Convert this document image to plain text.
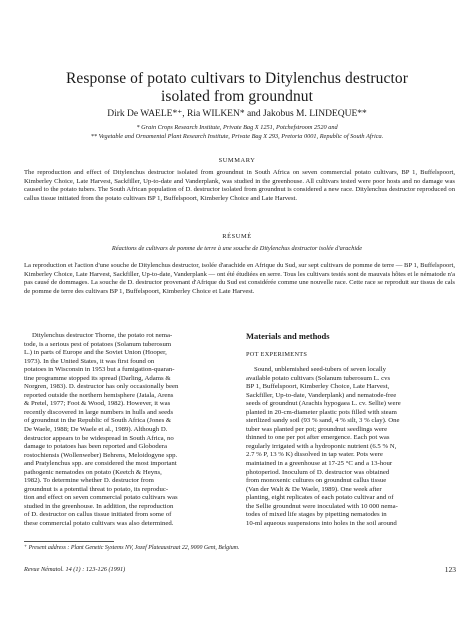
Response of potato cultivars to Ditylenchus destructor
isolated from groundnut
Dirk De WAELE*⁺, Ria WILKEN* and Jakobus M. LINDEQUE**
* Grain Crops Research Institute, Private Bag X 1251, Potchefstroom 2520 and
** Vegetable and Ornamental Plant Research Institute, Private Bag X 293, Pretoria 0001, Republic of South Africa.
SUMMARY

The reproduction and effect of Ditylenchus destructor isolated from groundnut in South Africa on seven commercial potato cultivars, BP 1, Buffelspoort, Kimberley Choice, Late Harvest, Sackfiller, Up-to-date and Vanderplank, was studied in the greenhouse. All cultivars tested were poor hosts and no damage was caused to the potato tubers. The South African population of D. destructor isolated from groundnut is considered a new race. Ditylenchus destructor reproduced on callus tissue initiated from the potato cultivars BP 1, Buffelspoort, Kimberley Choice and Late Harvest.

RÉSUMÉ
Réactions de cultivars de pomme de terre à une souche de Ditylenchus destructor isolée d'arachide

La reproduction et l'action d'une souche de Ditylenchus destructor, isolée d'arachide en Afrique du Sud, sur sept cultivars de pomme de terre — BP 1, Buffelspoort, Kimberley Choice, Late Harvest, Sackfiller, Up-to-date, Vanderplank — ont été étudiées en serre. Tous les cultivars testés sont de mauvais hôtes et le nématode n'a pas causé de dommages. La souche de D. destructor provenant d'Afrique du Sud est considérée comme une nouvelle race. Cette race se reproduit sur tissus de cals de pomme de terre des cultivars BP 1, Buffelspoort, Kimberley Choice et Late Harvest.

Ditylenchus destructor Thorne, the potato rot nema-
tode, is a serious pest of potatoes (Solanum tuberosum
L.) in parts of Europe and the Soviet Union (Hooper,
1973). In the United States, it was first found on
potatoes in Wisconsin in 1953 but a fumigation-quaran-
tine programme stopped its spread (Darling, Adams &
Norgren, 1983). D. destructor has only occasionally been
reported outside the northern hemisphere (Jatala, Arens
& Pretel, 1977; Foot & Wood, 1982). However, it was
recently discovered in large numbers in hulls and seeds
of groundnut in the Republic of South Africa (Jones &
De Waele, 1988; De Waele et al., 1989). Although D.
destructor appears to be widespread in South Africa, no
damage to potatoes has been reported and Globodera
rostochiensis (Wollenweber) Behrens, Meloidogyne spp.
and Pratylenchus spp. are considered the most important
pathogenic nematodes on potato (Keetch & Heyns,
1982). To determine whether D. destructor from
groundnut is a potential threat to potato, its reproduc-
tion and effect on seven commercial potato cultivars was
studied in the greenhouse. In addition, the reproduction
of D. destructor on callus tissue initiated from some of
these commercial potato cultivars was also determined.
Materials and methods
POT EXPERIMENTS
Sound, unblemished seed-tubers of seven locally
available potato cultivars (Solanum tuberosum L. cvs
BP 1, Buffelspoort, Kimberley Choice, Late Harvest,
Sackfiller, Up-to-date, Vanderplank) and nematode-free
seeds of groundnut (Arachis hypogaea L. cv. Sellie) were
planted in 20-cm-diameter plastic pots filled with steam
sterilized sandy soil (93 % sand, 4 % silt, 3 % clay). One
tuber was planted per pot; groundnut seedlings were
thinned to one per pot after emergence. Each pot was
regularly irrigated with a hydroponic nutrient (6.5 % N,
2.7 % P, 13 % K) dissolved in tap water. Pots were
maintained in a greenhouse at 17-25 °C and a 13-hour
photoperiod. Inoculum of D. destructor was obtained
from monoxenic cultures on groundnut callus tissue
(Van der Walt & De Waele, 1989). One week after
planting, eight replicates of each potato cultivar and of
the Sellie groundnut were inoculated with 10 000 nema-
todes of mixed life stages by pipetting nematodes in
10-ml aqueous suspensions into holes in the soil around
⁺ Present address : Plant Genetic Systems NV, Jozef Plateaustraat 22, 9000 Gent, Belgium.
Revue Nématol. 14 (1) : 123-126 (1991)	123
